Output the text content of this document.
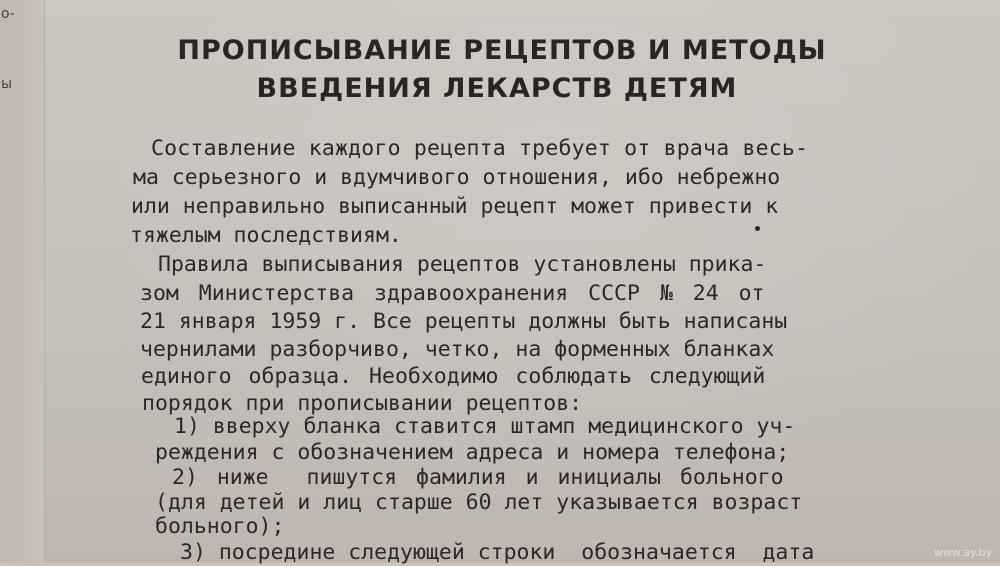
о-
ы
ПРОПИСЫВАНИЕ РЕЦЕПТОВ И МЕТОДЫ
ВВЕДЕНИЯ ЛЕКАРСТВ ДЕТЯМ
Составление каждого рецепта требует от врача весь-
ма серьезного и вдумчивого отношения, ибо небрежно
или неправильно выписанный рецепт может привести к
тяжелым последствиям.
Правила выписывания рецептов установлены прика-
зом Министерства здравоохранения СССР № 24 от
21 января 1959 г. Все рецепты должны быть написаны
чернилами разборчиво, четко, на форменных бланках
единого образца. Необходимо соблюдать следующий
порядок при прописывании рецептов:
1) вверху бланка ставится штамп медицинского уч-
реждения с обозначением адреса и номера телефона;
2) ниже  пишутся фамилия и инициалы больного
(для детей и лиц старше 60 лет указывается возраст
больного);
3) посредине следующей строки  обозначается  дата	www.ay.by
